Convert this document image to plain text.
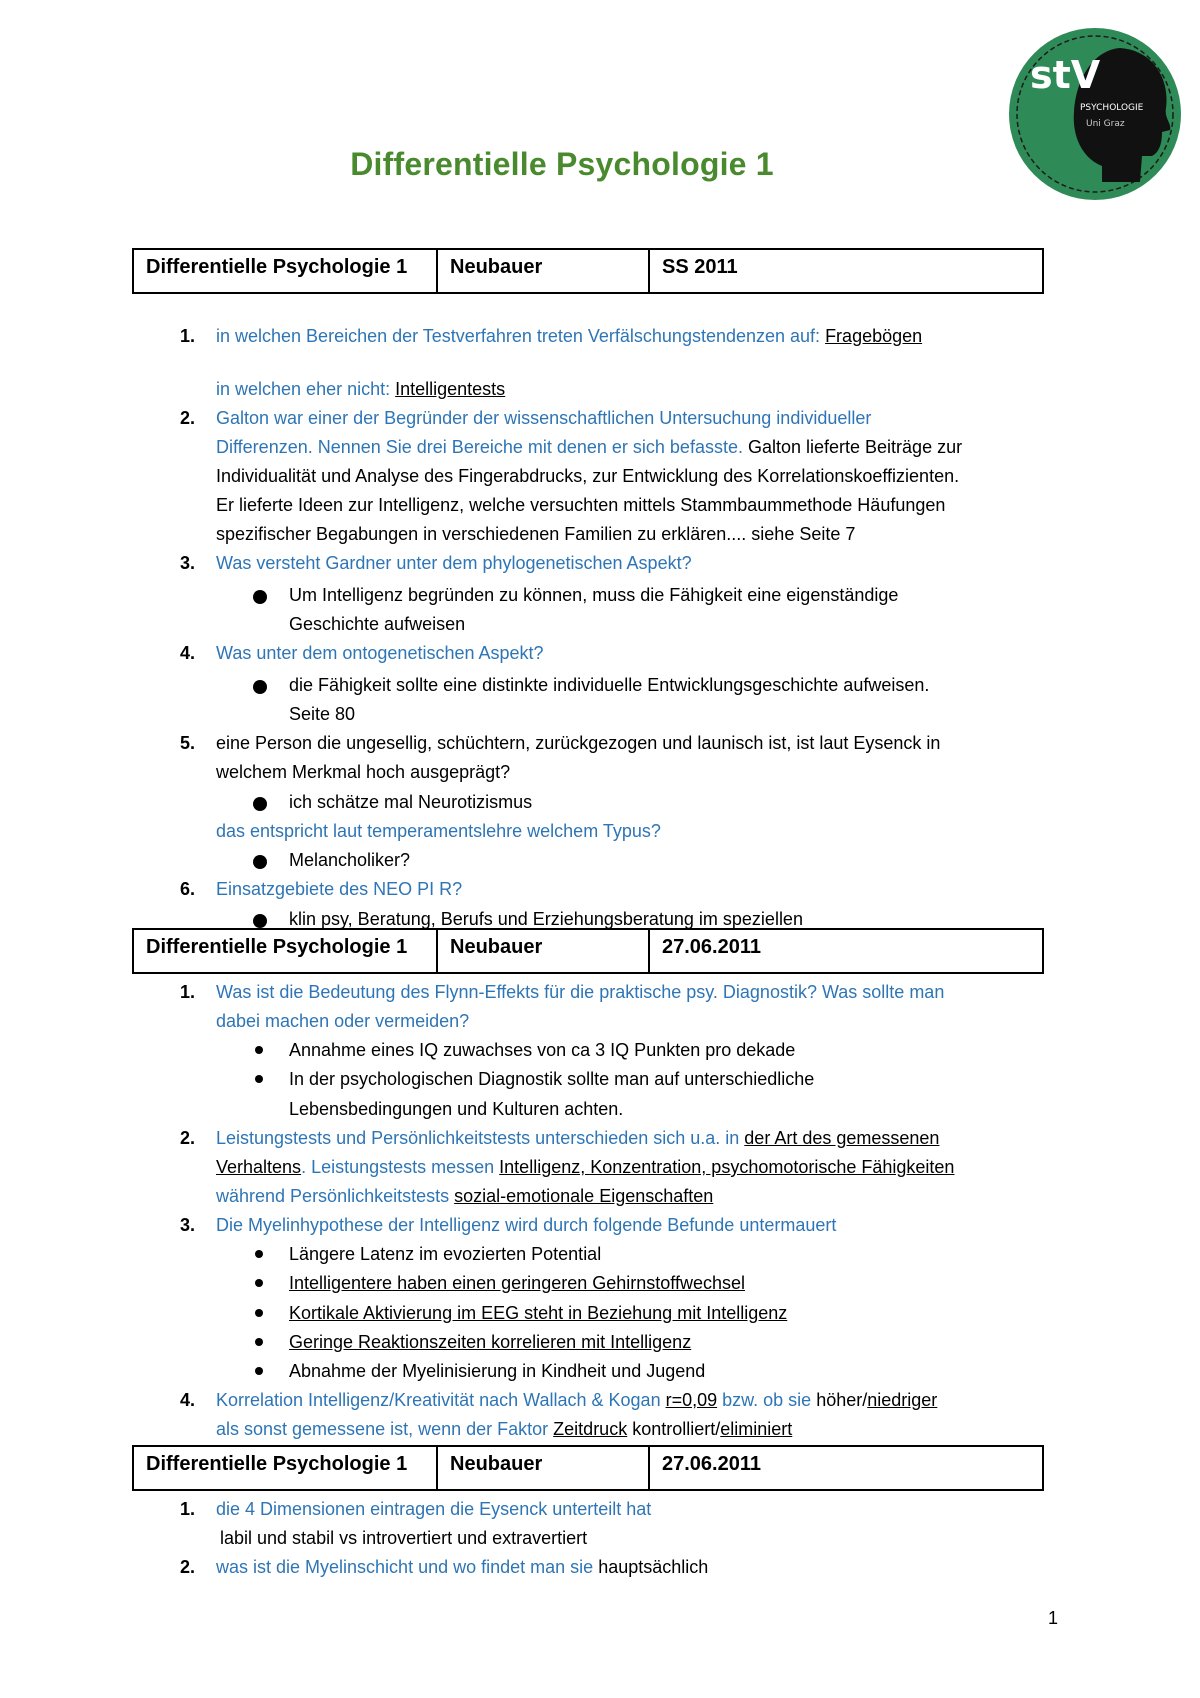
stV
PSYCHOLOGIE
Uni Graz
Differentielle Psychologie 1
Differentielle Psychologie 1	Neubauer	SS 2011
1. in welchen Bereichen der Testverfahren treten Verfälschungstendenzen auf: Fragebögen
in welchen eher nicht: Intelligentests
2. Galton war einer der Begründer der wissenschaftlichen Untersuchung individueller
Differenzen. Nennen Sie drei Bereiche mit denen er sich befasste. Galton lieferte Beiträge zur
Individualität und Analyse des Fingerabdrucks, zur Entwicklung des Korrelationskoeffizienten.
Er lieferte Ideen zur Intelligenz, welche versuchten mittels Stammbaummethode Häufungen
spezifischer Begabungen in verschiedenen Familien zu erklären.... siehe Seite 7
3. Was versteht Gardner unter dem phylogenetischen Aspekt?
Um Intelligenz begründen zu können, muss die Fähigkeit eine eigenständige
Geschichte aufweisen
4. Was unter dem ontogenetischen Aspekt?
die Fähigkeit sollte eine distinkte individuelle Entwicklungsgeschichte aufweisen.
Seite 80
5. eine Person die ungesellig, schüchtern, zurückgezogen und launisch ist, ist laut Eysenck in
welchem Merkmal hoch ausgeprägt?
ich schätze mal Neurotizismus
das entspricht laut temperamentslehre welchem Typus?
Melancholiker?
6. Einsatzgebiete des NEO PI R?
klin psy, Beratung, Berufs und Erziehungsberatung im speziellen
Differentielle Psychologie 1	Neubauer	27.06.2011
1. Was ist die Bedeutung des Flynn-Effekts für die praktische psy. Diagnostik? Was sollte man
dabei machen oder vermeiden?
Annahme eines IQ zuwachses von ca 3 IQ Punkten pro dekade
In der psychologischen Diagnostik sollte man auf unterschiedliche
Lebensbedingungen und Kulturen achten.
2. Leistungstests und Persönlichkeitstests unterschieden sich u.a. in der Art des gemessenen
Verhaltens. Leistungstests messen Intelligenz, Konzentration, psychomotorische Fähigkeiten
während Persönlichkeitstests sozial-emotionale Eigenschaften
3. Die Myelinhypothese der Intelligenz wird durch folgende Befunde untermauert
Längere Latenz im evozierten Potential
Intelligentere haben einen geringeren Gehirnstoffwechsel
Kortikale Aktivierung im EEG steht in Beziehung mit Intelligenz
Geringe Reaktionszeiten korrelieren mit Intelligenz
Abnahme der Myelinisierung in Kindheit und Jugend
4. Korrelation Intelligenz/Kreativität nach Wallach & Kogan r=0,09 bzw. ob sie höher/niedriger
als sonst gemessene ist, wenn der Faktor Zeitdruck kontrolliert/eliminiert
Differentielle Psychologie 1	Neubauer	27.06.2011
1. die 4 Dimensionen eintragen die Eysenck unterteilt hat
labil und stabil vs introvertiert und extravertiert
2. was ist die Myelinschicht und wo findet man sie hauptsächlich
1
